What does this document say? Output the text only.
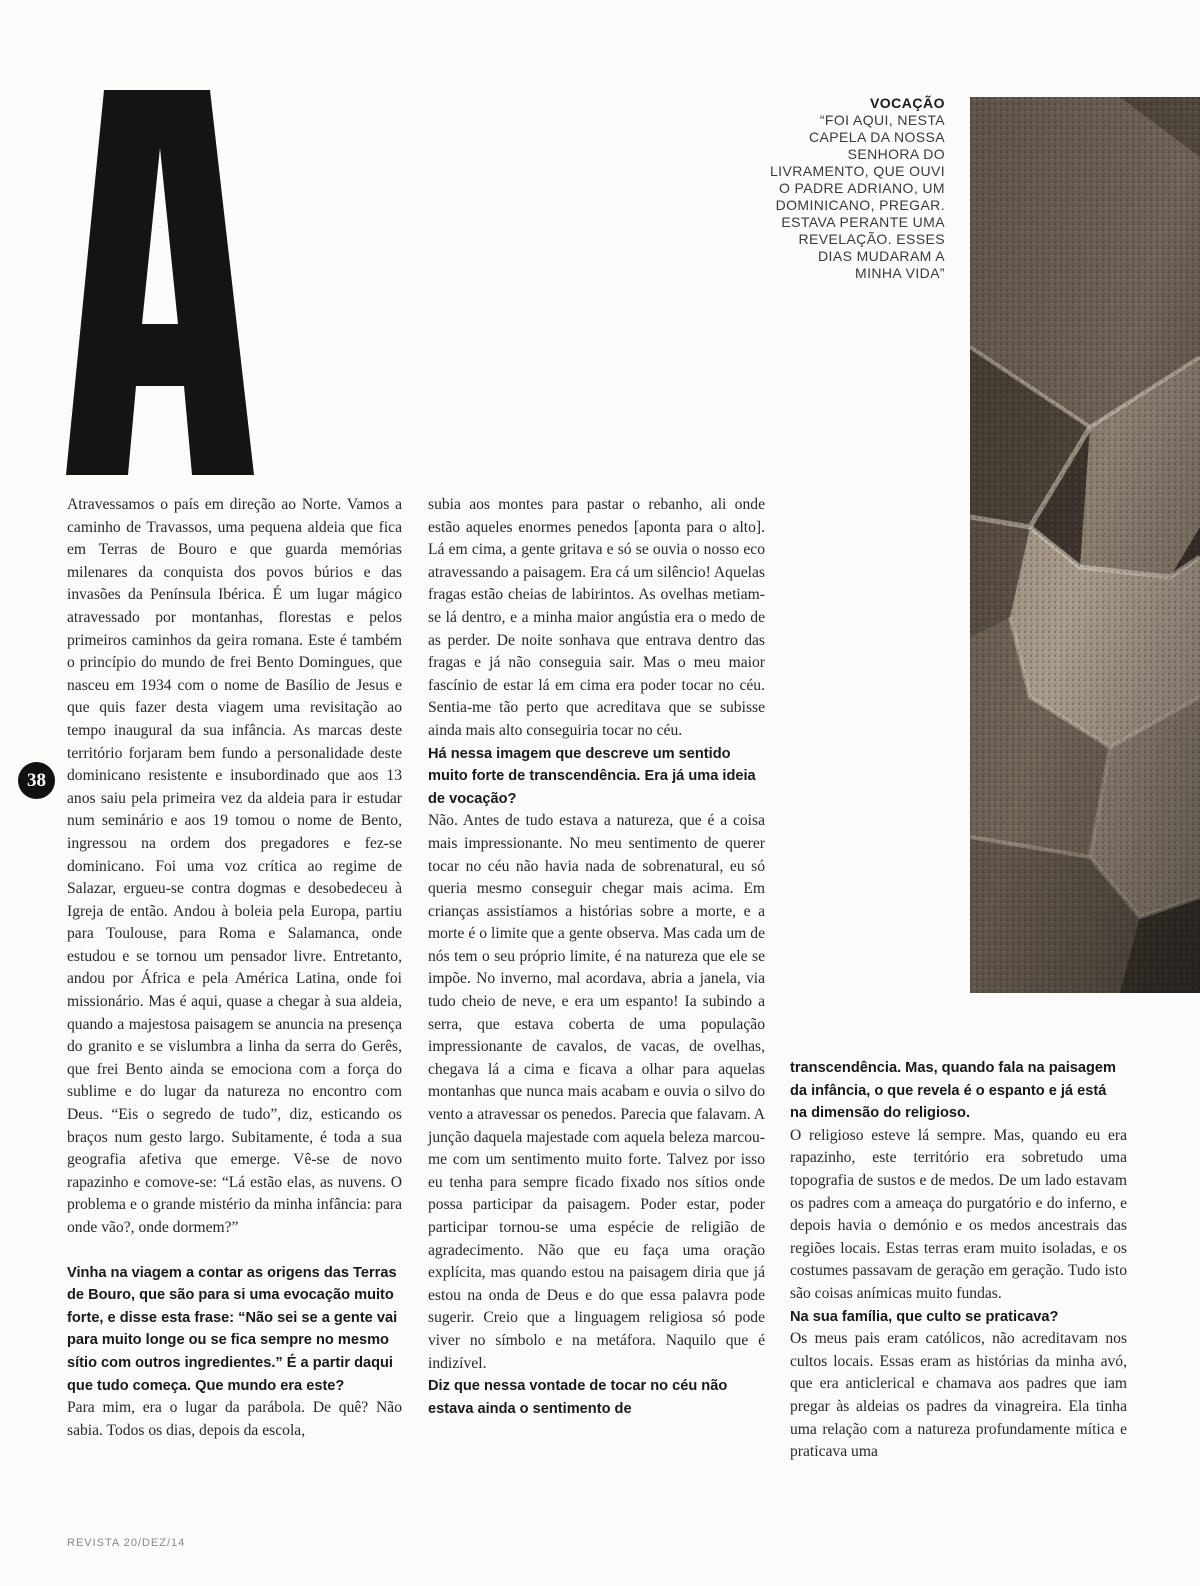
VOCAÇÃO
“FOI AQUI, NESTA CAPELA DA NOSSA SENHORA DO LIVRAMENTO, QUE OUVI O PADRE ADRIANO, UM DOMINICANO, PREGAR. ESTAVA PERANTE UMA REVELAÇÃO. ESSES DIAS MUDARAM A MINHA VIDA”
38

Atravessamos o país em direção ao Norte. Vamos a caminho de Travassos, uma pequena aldeia que fica em Terras de Bouro e que guarda memórias milenares da conquista dos povos búrios e das invasões da Península Ibérica. É um lugar mágico atravessado por montanhas, florestas e pelos primeiros caminhos da geira romana. Este é também o princípio do mundo de frei Bento Domingues, que nasceu em 1934 com o nome de Basílio de Jesus e que quis fazer desta viagem uma revisitação ao tempo inaugural da sua infância. As marcas deste território forjaram bem fundo a personalidade deste dominicano resistente e insubordinado que aos 13 anos saiu pela primeira vez da aldeia para ir estudar num seminário e aos 19 tomou o nome de Bento, ingressou na ordem dos pregadores e fez-se dominicano. Foi uma voz crítica ao regime de Salazar, ergueu-se contra dogmas e desobedeceu à Igreja de então. Andou à boleia pela Europa, partiu para Toulouse, para Roma e Salamanca, onde estudou e se tornou um pensador livre. Entretanto, andou por África e pela América Latina, onde foi missionário. Mas é aqui, quase a chegar à sua aldeia, quando a majestosa paisagem se anuncia na presença do granito e se vislumbra a linha da serra do Gerês, que frei Bento ainda se emociona com a força do sublime e do lugar da natureza no encontro com Deus. “Eis o segredo de tudo”, diz, esticando os braços num gesto largo. Subitamente, é toda a sua geografia afetiva que emerge. Vê-se de novo rapazinho e comove-se: “Lá estão elas, as nuvens. O problema e o grande mistério da minha infância: para onde vão?, onde dormem?”

Vinha na viagem a contar as origens das Terras de Bouro, que são para si uma evocação muito forte, e disse esta frase: “Não sei se a gente vai para muito longe ou se fica sempre no mesmo sítio com outros ingredientes.” É a partir daqui que tudo começa. Que mundo era este?

Para mim, era o lugar da parábola. De quê? Não sabia. Todos os dias, depois da escola,

subia aos montes para pastar o rebanho, ali onde estão aqueles enormes penedos [aponta para o alto]. Lá em cima, a gente gritava e só se ouvia o nosso eco atravessando a paisagem. Era cá um silêncio! Aquelas fragas estão cheias de labirintos. As ovelhas metiam-se lá dentro, e a minha maior angústia era o medo de as perder. De noite sonhava que entrava dentro das fragas e já não conseguia sair. Mas o meu maior fascínio de estar lá em cima era poder tocar no céu. Sentia-me tão perto que acreditava que se subisse ainda mais alto conseguiria tocar no céu.

Há nessa imagem que descreve um sentido muito forte de transcendência. Era já uma ideia de vocação?

Não. Antes de tudo estava a natureza, que é a coisa mais impressionante. No meu sentimento de querer tocar no céu não havia nada de sobrenatural, eu só queria mesmo conseguir chegar mais acima. Em crianças assistíamos a histórias sobre a morte, e a morte é o limite que a gente observa. Mas cada um de nós tem o seu próprio limite, é na natureza que ele se impõe. No inverno, mal acordava, abria a janela, via tudo cheio de neve, e era um espanto! Ia subindo a serra, que estava coberta de uma população impressionante de cavalos, de vacas, de ovelhas, chegava lá a cima e ficava a olhar para aquelas montanhas que nunca mais acabam e ouvia o silvo do vento a atravessar os penedos. Parecia que falavam. A junção daquela majestade com aquela beleza marcou-me com um sentimento muito forte. Talvez por isso eu tenha para sempre ficado fixado nos sítios onde possa participar da paisagem. Poder estar, poder participar tornou-se uma espécie de religião de agradecimento. Não que eu faça uma oração explícita, mas quando estou na paisagem diria que já estou na onda de Deus e do que essa palavra pode sugerir. Creio que a linguagem religiosa só pode viver no símbolo e na metáfora. Naquilo que é indizível.

Diz que nessa vontade de tocar no céu não estava ainda o sentimento de

transcendência. Mas, quando fala na paisagem da infância, o que revela é o espanto e já está na dimensão do religioso.

O religioso esteve lá sempre. Mas, quando eu era rapazinho, este território era sobretudo uma topografia de sustos e de medos. De um lado estavam os padres com a ameaça do purgatório e do inferno, e depois havia o demónio e os medos ancestrais das regiões locais. Estas terras eram muito isoladas, e os costumes passavam de geração em geração. Tudo isto são coisas anímicas muito fundas.

Na sua família, que culto se praticava?

Os meus pais eram católicos, não acreditavam nos cultos locais. Essas eram as histórias da minha avó, que era anticlerical e chamava aos padres que iam pregar às aldeias os padres da vinagreira. Ela tinha uma relação com a natureza profundamente mítica e praticava uma

REVISTA 20/DEZ/14
